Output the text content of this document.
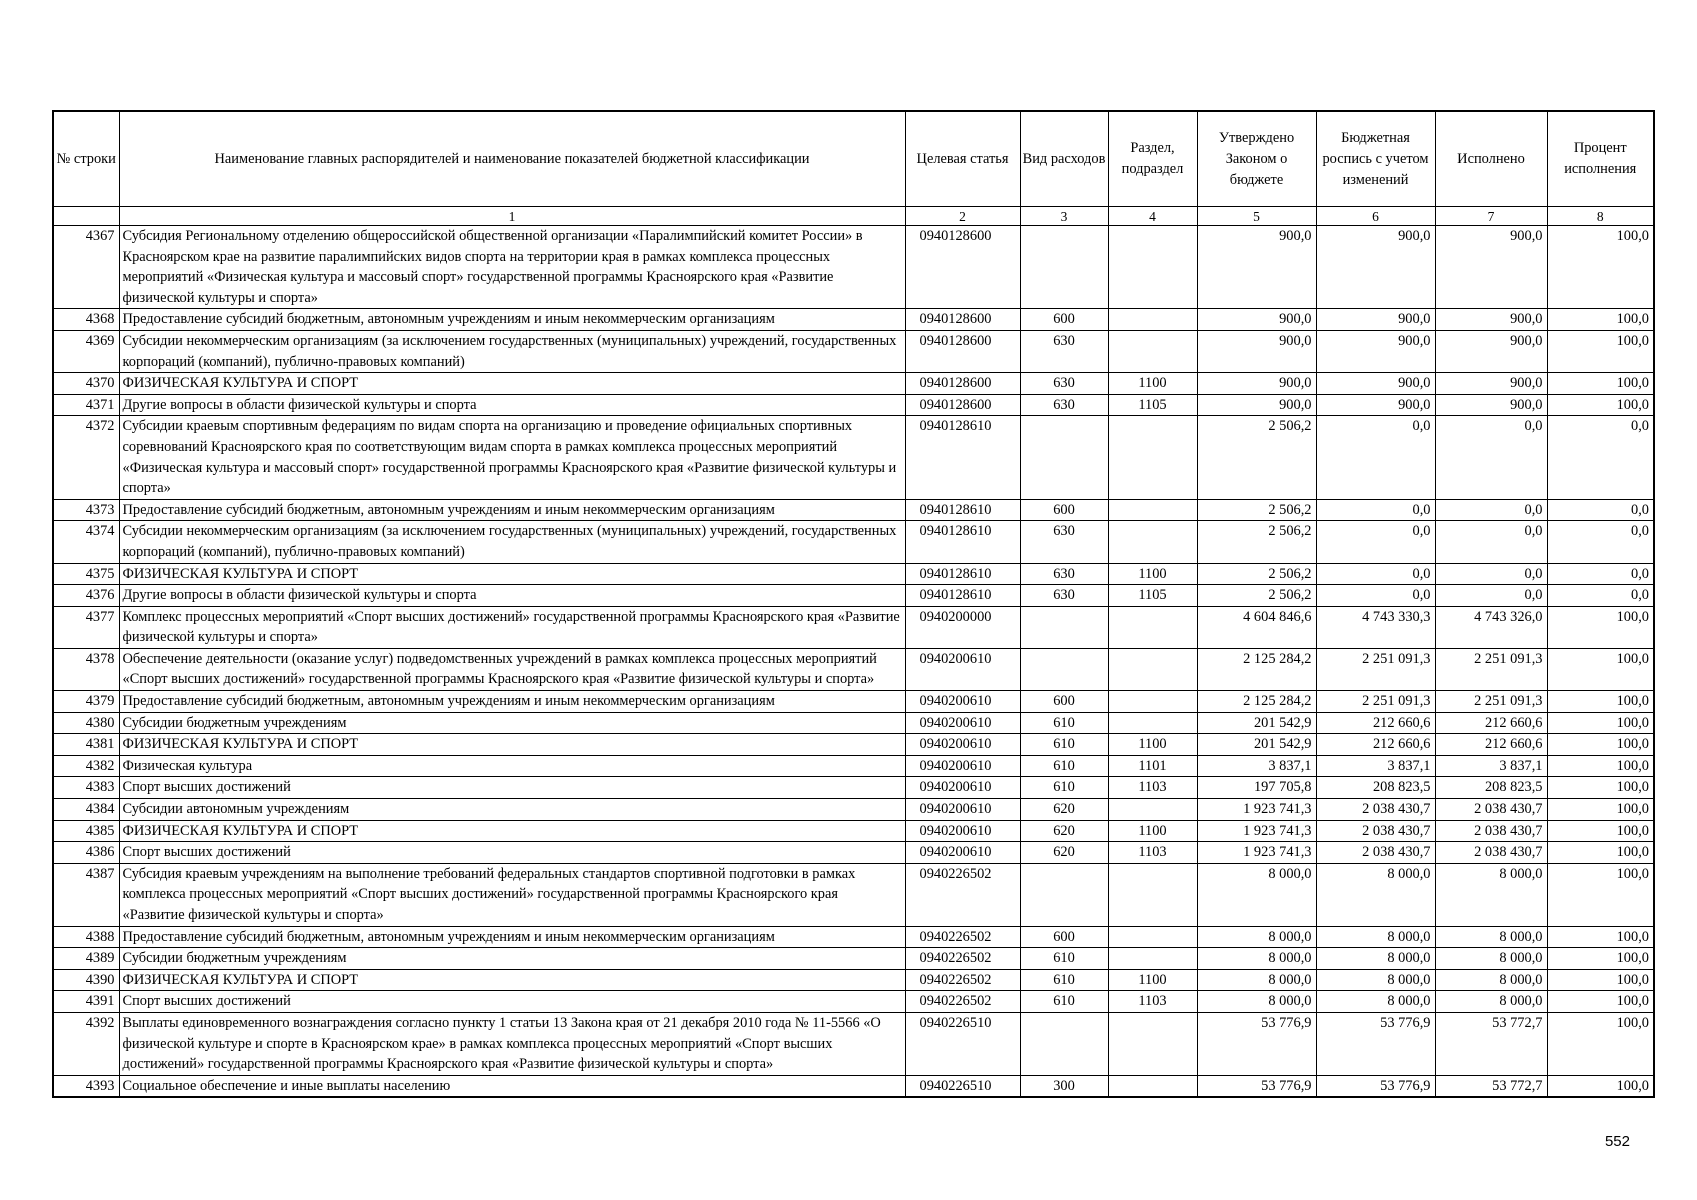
№ строки	Наименование главных распорядителей и наименование показателей бюджетной классификации	Целевая статья	Вид расходов	Раздел, подраздел	Утверждено Законом о бюджете	Бюджетная роспись с учетом изменений	Исполнено	Процент исполнения
	1	2	3	4	5	6	7	8
4367	Субсидия Региональному отделению общероссийской общественной организации «Паралимпийский комитет России» в Красноярском крае на развитие паралимпийских видов спорта на территории края в рамках комплекса процессных мероприятий «Физическая культура и массовый спорт» государственной программы Красноярского края «Развитие физической культуры и спорта»	0940128600			900,0	900,0	900,0	100,0
4368	Предоставление субсидий бюджетным, автономным учреждениям и иным некоммерческим организациям	0940128600	600		900,0	900,0	900,0	100,0
4369	Субсидии некоммерческим организациям (за исключением государственных (муниципальных) учреждений, государственных корпораций (компаний), публично-правовых компаний)	0940128600	630		900,0	900,0	900,0	100,0
4370	ФИЗИЧЕСКАЯ КУЛЬТУРА И СПОРТ	0940128600	630	1100	900,0	900,0	900,0	100,0
4371	Другие вопросы в области физической культуры и спорта	0940128600	630	1105	900,0	900,0	900,0	100,0
4372	Субсидии краевым спортивным федерациям по видам спорта на организацию и проведение официальных спортивных соревнований Красноярского края по соответствующим видам спорта в рамках комплекса процессных мероприятий «Физическая культура и массовый спорт» государственной программы Красноярского края «Развитие физической культуры и спорта»	0940128610			2 506,2	0,0	0,0	0,0
4373	Предоставление субсидий бюджетным, автономным учреждениям и иным некоммерческим организациям	0940128610	600		2 506,2	0,0	0,0	0,0
4374	Субсидии некоммерческим организациям (за исключением государственных (муниципальных) учреждений, государственных корпораций (компаний), публично-правовых компаний)	0940128610	630		2 506,2	0,0	0,0	0,0
4375	ФИЗИЧЕСКАЯ КУЛЬТУРА И СПОРТ	0940128610	630	1100	2 506,2	0,0	0,0	0,0
4376	Другие вопросы в области физической культуры и спорта	0940128610	630	1105	2 506,2	0,0	0,0	0,0
4377	Комплекс процессных мероприятий «Спорт высших достижений» государственной программы Красноярского края «Развитие физической культуры и спорта»	0940200000			4 604 846,6	4 743 330,3	4 743 326,0	100,0
4378	Обеспечение деятельности (оказание услуг) подведомственных учреждений в рамках комплекса процессных мероприятий «Спорт высших достижений» государственной программы Красноярского края «Развитие физической культуры и спорта»	0940200610			2 125 284,2	2 251 091,3	2 251 091,3	100,0
4379	Предоставление субсидий бюджетным, автономным учреждениям и иным некоммерческим организациям	0940200610	600		2 125 284,2	2 251 091,3	2 251 091,3	100,0
4380	Субсидии бюджетным учреждениям	0940200610	610		201 542,9	212 660,6	212 660,6	100,0
4381	ФИЗИЧЕСКАЯ КУЛЬТУРА И СПОРТ	0940200610	610	1100	201 542,9	212 660,6	212 660,6	100,0
4382	Физическая культура	0940200610	610	1101	3 837,1	3 837,1	3 837,1	100,0
4383	Спорт высших достижений	0940200610	610	1103	197 705,8	208 823,5	208 823,5	100,0
4384	Субсидии автономным учреждениям	0940200610	620		1 923 741,3	2 038 430,7	2 038 430,7	100,0
4385	ФИЗИЧЕСКАЯ КУЛЬТУРА И СПОРТ	0940200610	620	1100	1 923 741,3	2 038 430,7	2 038 430,7	100,0
4386	Спорт высших достижений	0940200610	620	1103	1 923 741,3	2 038 430,7	2 038 430,7	100,0
4387	Субсидия краевым учреждениям на выполнение требований федеральных стандартов спортивной подготовки в рамках комплекса процессных мероприятий «Спорт высших достижений» государственной программы Красноярского края «Развитие физической культуры и спорта»	0940226502			8 000,0	8 000,0	8 000,0	100,0
4388	Предоставление субсидий бюджетным, автономным учреждениям и иным некоммерческим организациям	0940226502	600		8 000,0	8 000,0	8 000,0	100,0
4389	Субсидии бюджетным учреждениям	0940226502	610		8 000,0	8 000,0	8 000,0	100,0
4390	ФИЗИЧЕСКАЯ КУЛЬТУРА И СПОРТ	0940226502	610	1100	8 000,0	8 000,0	8 000,0	100,0
4391	Спорт высших достижений	0940226502	610	1103	8 000,0	8 000,0	8 000,0	100,0
4392	Выплаты единовременного вознаграждения согласно пункту 1 статьи 13 Закона края от 21 декабря 2010 года № 11-5566 «О физической культуре и спорте в Красноярском крае» в рамках комплекса процессных мероприятий «Спорт высших достижений» государственной программы Красноярского края «Развитие физической культуры и спорта»	0940226510			53 776,9	53 776,9	53 772,7	100,0
4393	Социальное обеспечение и иные выплаты населению	0940226510	300		53 776,9	53 776,9	53 772,7	100,0
552
